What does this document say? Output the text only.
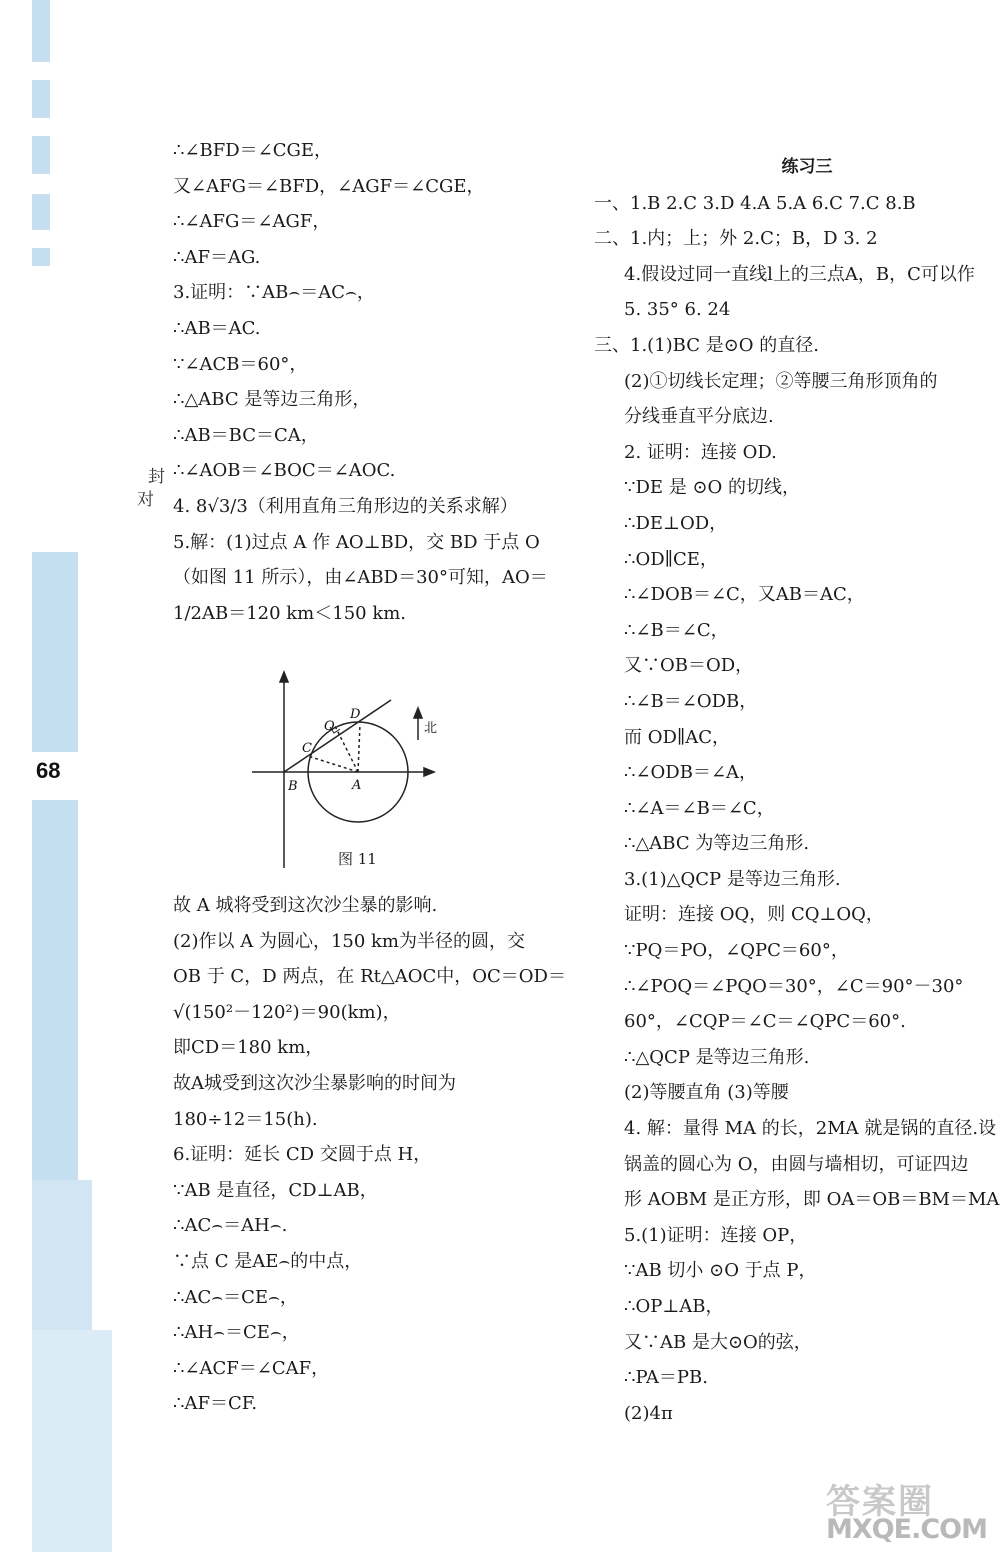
68
封
对
∴∠BFD＝∠CGE，
又∠AFG＝∠BFD，∠AGF＝∠CGE，
∴∠AFG＝∠AGF，
∴AF＝AG.
3.证明：∵AB⌢＝AC⌢，
∴AB＝AC.
∵∠ACB＝60°，
∴△ABC 是等边三角形，
∴AB＝BC＝CA，
∴∠AOB＝∠BOC＝∠AOC.
4. 8√3/3（利用直角三角形边的关系求解）
5.解：(1)过点 A 作 AO⊥BD，交 BD 于点 O
（如图 11 所示），由∠ABD＝30°可知，AO＝
1/2AB＝120 km＜150 km.
B
C
O
D
A
北
图 11
故 A 城将受到这次沙尘暴的影响.
(2)作以 A 为圆心，150 km为半径的圆，交
OB 于 C，D 两点，在 Rt△AOC中，OC＝OD＝
√(150²－120²)＝90(km)，
即CD＝180 km，
故A城受到这次沙尘暴影响的时间为
180÷12＝15(h).
6.证明：延长 CD 交圆于点 H，
∵AB 是直径，CD⊥AB，
∴AC⌢＝AH⌢.
∵点 C 是AE⌢的中点，
∴AC⌢＝CE⌢，
∴AH⌢＝CE⌢，
∴∠ACF＝∠CAF，
∴AF＝CF.
练习三
一、1.B 2.C 3.D 4.A 5.A 6.C 7.C 8.B
二、1.内；上；外 2.C；B，D 3. 2
4.假设过同一直线l上的三点A，B，C可以作
5. 35° 6. 24
三、1.(1)BC 是⊙O 的直径.
(2)①切线长定理；②等腰三角形顶角的
分线垂直平分底边.
2. 证明：连接 OD.
∵DE 是 ⊙O 的切线，
∴DE⊥OD，
∴OD∥CE，
∴∠DOB＝∠C，又AB＝AC，
∴∠B＝∠C，
又∵OB＝OD，
∴∠B＝∠ODB，
而 OD∥AC，
∴∠ODB＝∠A，
∴∠A＝∠B＝∠C，
∴△ABC 为等边三角形.
3.(1)△QCP 是等边三角形.
证明：连接 OQ，则 CQ⊥OQ，
∵PQ＝PO，∠QPC＝60°，
∴∠POQ＝∠PQO＝30°，∠C＝90°－30°
60°，∠CQP＝∠C＝∠QPC＝60°.
∴△QCP 是等边三角形.
(2)等腰直角 (3)等腰
4. 解：量得 MA 的长，2MA 就是锅的直径.设
锅盖的圆心为 O，由圆与墙相切，可证四边
形 AOBM 是正方形，即 OA＝OB＝BM＝MA
5.(1)证明：连接 OP，
∵AB 切小 ⊙O 于点 P，
∴OP⊥AB，
又∵AB 是大⊙O的弦，
∴PA＝PB.
(2)4π
答案圈
MXQE.COM
